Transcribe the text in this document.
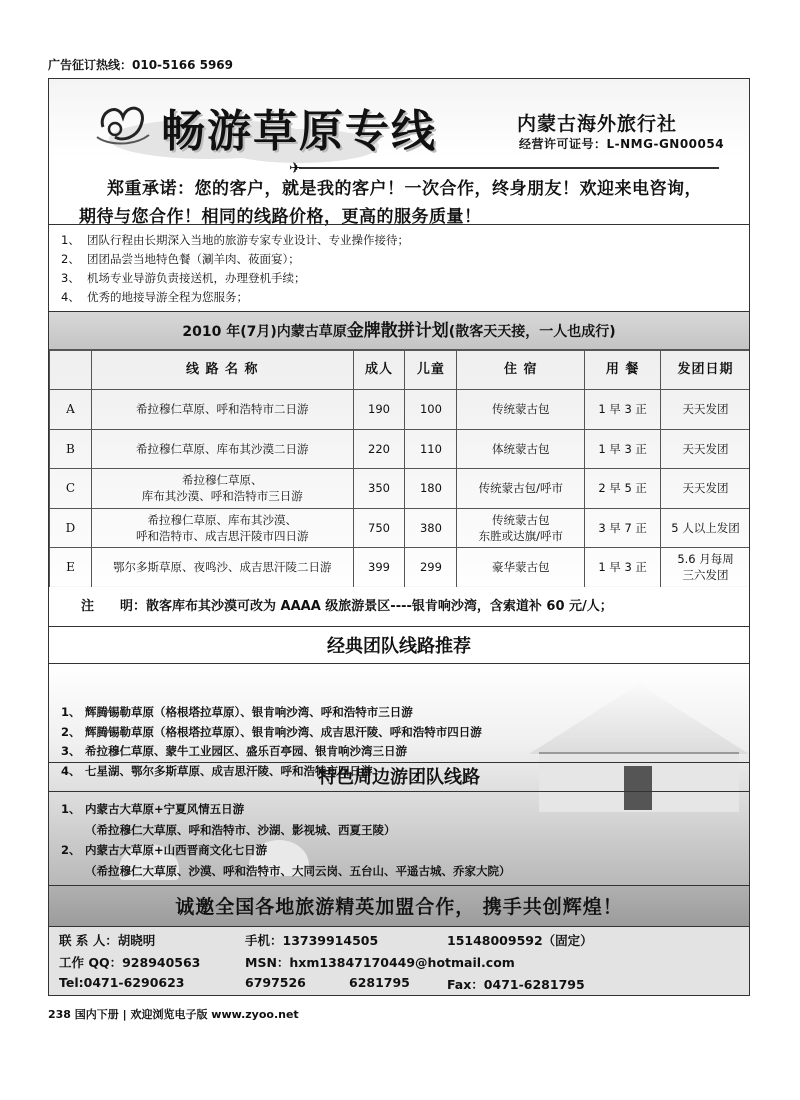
广告征订热线：010-5166 5969
畅游草原专线	内蒙古海外旅行社
经营许可证号：L-NMG-GN00054
✈
郑重承诺：您的客户，就是我的客户！一次合作，终身朋友！欢迎来电咨询，
期待与您合作！相同的线路价格，更高的服务质量！
1、 团队行程由长期深入当地的旅游专家专业设计、专业操作接待；
2、 团团品尝当地特色餐（涮羊肉、莜面宴）；
3、 机场专业导游负责接送机，办理登机手续；
4、 优秀的地接导游全程为您服务；
2010 年(7月)内蒙古草原金牌散拼计划(散客天天接，一人也成行)
	线 路 名 称	成人	儿童	住 宿	用 餐	发团日期
A	希拉穆仁草原、呼和浩特市二日游	190	100	传统蒙古包	1 早 3 正	天天发团
B	希拉穆仁草原、库布其沙漠二日游	220	110	体统蒙古包	1 早 3 正	天天发团
C	希拉穆仁草原、
库布其沙漠、呼和浩特市三日游	350	180	传统蒙古包/呼市	2 早 5 正	天天发团
D	希拉穆仁草原、库布其沙漠、
呼和浩特市、成吉思汗陵市四日游	750	380	传统蒙古包
东胜或达旗/呼市	3 早 7 正	5 人以上发团
E	鄂尔多斯草原、夜鸣沙、成吉思汗陵二日游	399	299	豪华蒙古包	1 早 3 正	5.6 月每周
三六发团
注　　明：散客库布其沙漠可改为 AAAA 级旅游景区----银肯响沙湾，含索道补 60 元/人；
经典团队线路推荐
1、 辉腾锡勒草原（格根塔拉草原）、银肯响沙湾、呼和浩特市三日游
2、 辉腾锡勒草原（格根塔拉草原）、银肯响沙湾、成吉思汗陵、呼和浩特市四日游
3、 希拉穆仁草原、蒙牛工业园区、盛乐百亭园、银肯响沙湾三日游
4、 七星湖、鄂尔多斯草原、成吉思汗陵、呼和浩特市四日游
特色周边游团队线路
1、 内蒙古大草原+宁夏风情五日游
（希拉穆仁大草原、呼和浩特市、沙湖、影视城、西夏王陵）
2、 内蒙古大草原+山西晋商文化七日游
（希拉穆仁大草原、沙漠、呼和浩特市、大同云岗、五台山、平遥古城、乔家大院）
诚邀全国各地旅游精英加盟合作， 携手共创辉煌！
联 系 人：胡晓明	手机：13739914505	15148009592（固定）
工作 QQ：928940563	MSN：hxm13847170449@hotmail.com
Tel:0471-6290623	6797526	6281795	Fax：0471-6281795
238 国内下册 | 欢迎浏览电子版 www.zyoo.net
